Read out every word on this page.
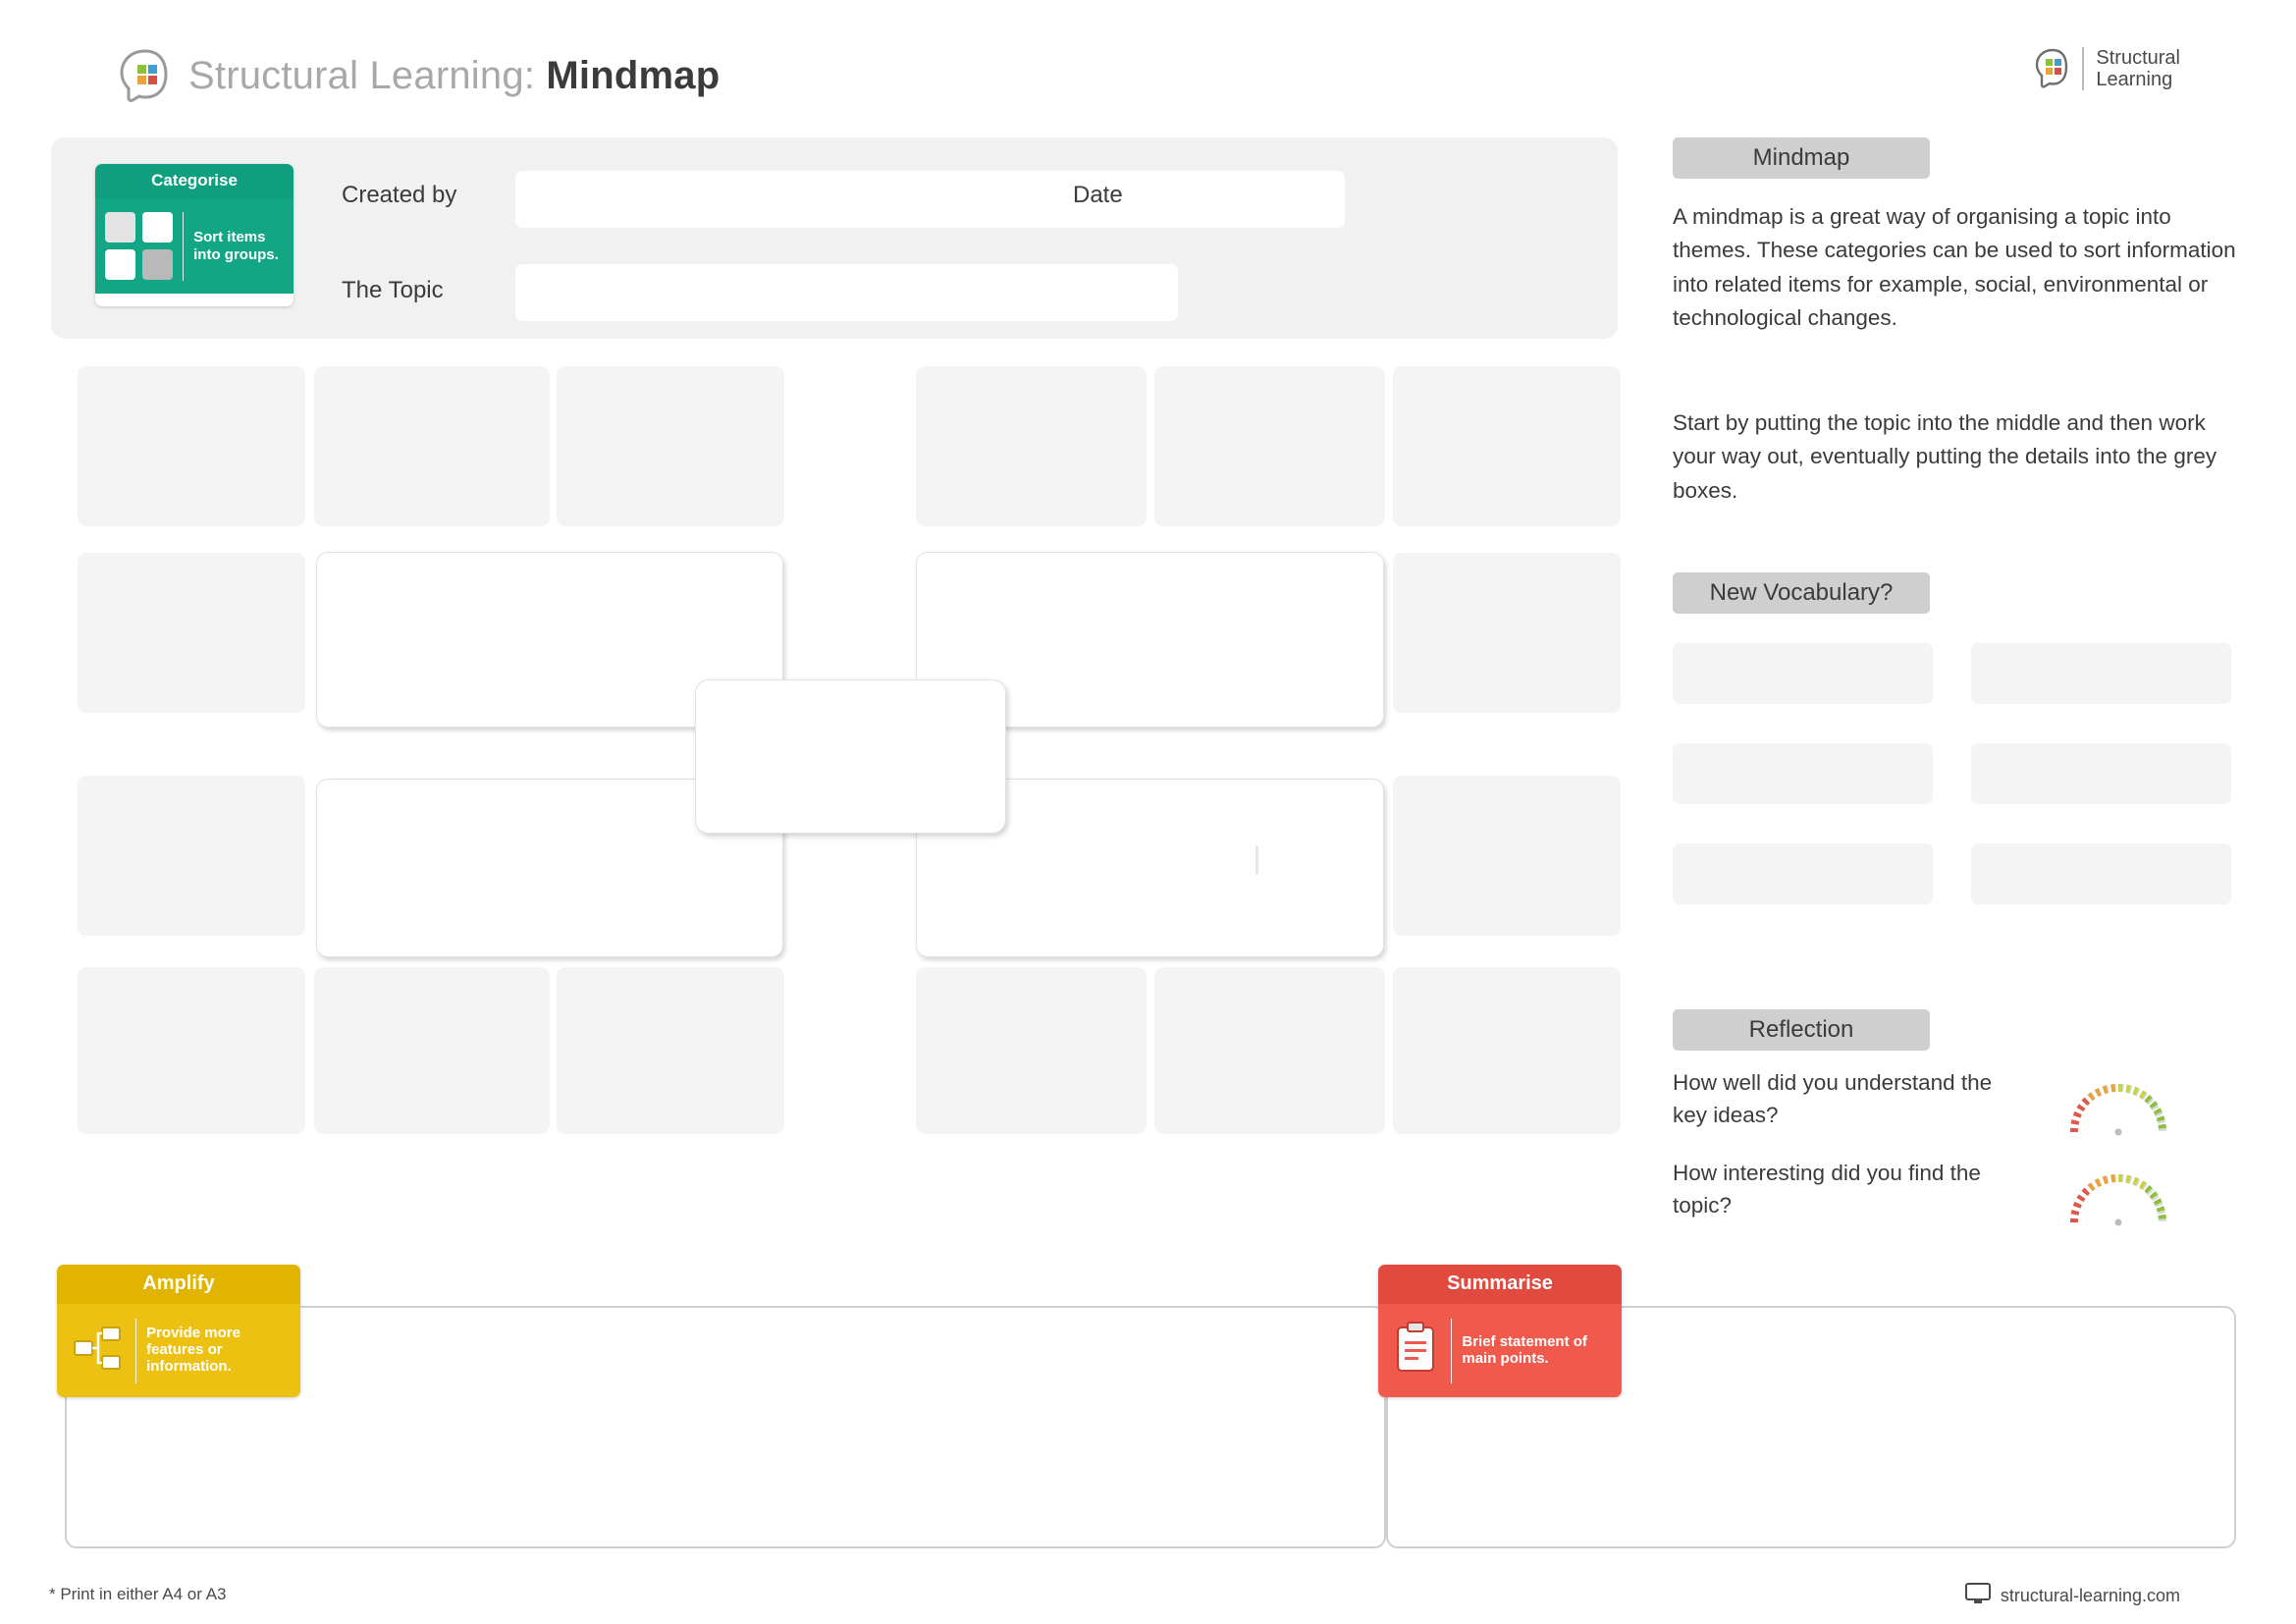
Structural Learning: Mindmap	Structural
Learning
Categorise
Sort items into groups.
Created by	Date
The Topic
Mindmap
A mindmap is a great way of organising a topic into themes. These categories can be used to sort information into related items for example, social, environmental or technological changes.
Start by putting the topic into the middle and then work your way out, eventually putting the details into the grey boxes.
New Vocabulary?
Reflection
How well did you understand the key ideas?
How interesting did you find the topic?
Amplify
Provide more features or information.
Summarise
Brief statement of main points.
* Print in either A4 or A3	structural-learning.com
